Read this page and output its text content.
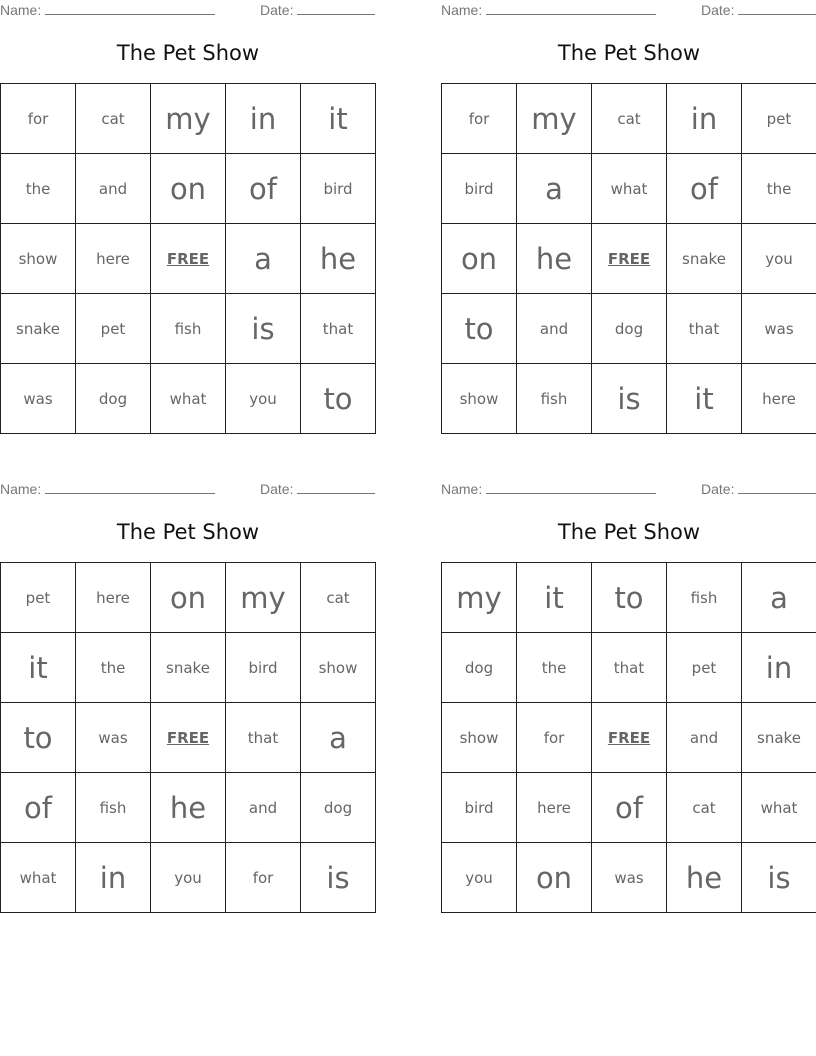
Name:	Date:
The Pet Show
for	cat	my	in	it
the	and	on	of	bird
show	here	FREE	a	he
snake	pet	fish	is	that
was	dog	what	you	to
Name:	Date:
The Pet Show
for	my	cat	in	pet
bird	a	what	of	the
on	he	FREE	snake	you
to	and	dog	that	was
show	fish	is	it	here
Name:	Date:
The Pet Show
pet	here	on	my	cat
it	the	snake	bird	show
to	was	FREE	that	a
of	fish	he	and	dog
what	in	you	for	is
Name:	Date:
The Pet Show
my	it	to	fish	a
dog	the	that	pet	in
show	for	FREE	and	snake
bird	here	of	cat	what
you	on	was	he	is
